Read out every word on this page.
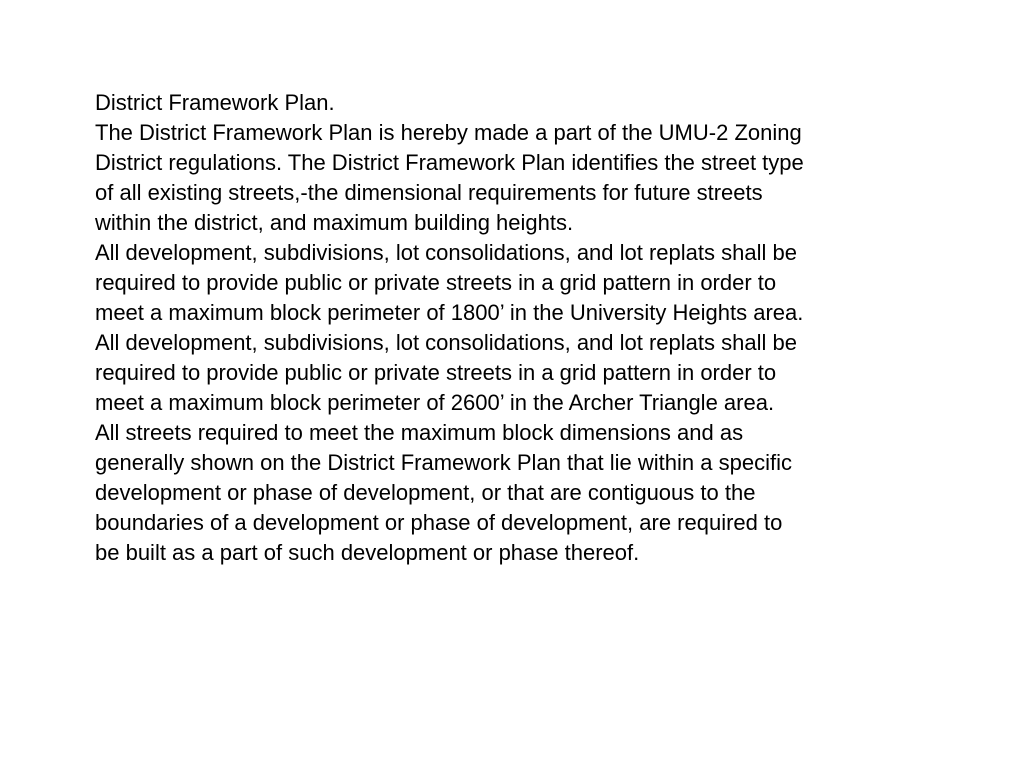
District Framework Plan.

The District Framework Plan is hereby made a part of the UMU-2 Zoning
District regulations. The District Framework Plan identifies the street type
of all existing streets,-the dimensional requirements for future streets
within the district, and maximum building heights.

All development, subdivisions, lot consolidations, and lot replats shall be
required to provide public or private streets in a grid pattern in order to
meet a maximum block perimeter of 1800’ in the University Heights area.

All development, subdivisions, lot consolidations, and lot replats shall be
required to provide public or private streets in a grid pattern in order to
meet a maximum block perimeter of 2600’ in the Archer Triangle area.

All streets required to meet the maximum block dimensions and as
generally shown on the District Framework Plan that lie within a specific
development or phase of development, or that are contiguous to the
boundaries of a development or phase of development, are required to
be built as a part of such development or phase thereof.
